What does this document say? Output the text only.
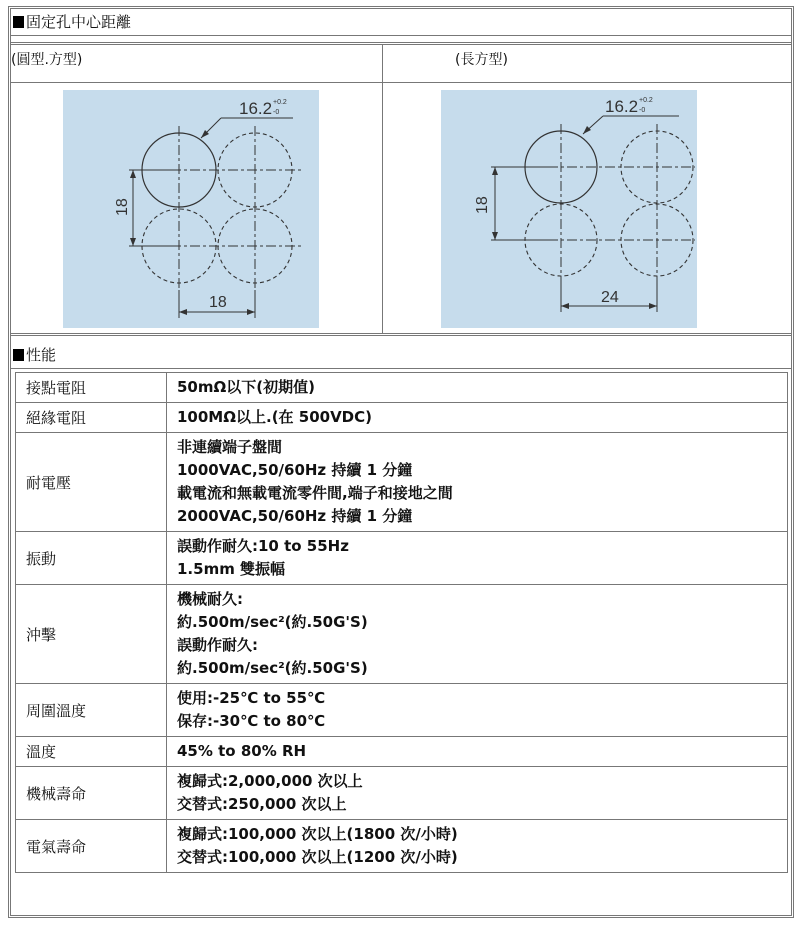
固定孔中心距離
(圓型.方型)	(長方型)
16.2 +0.2
-0
18
18
16.2 +0.2
-0
18
24
性能
接點電阻	50mΩ以下(初期值)

絕緣電阻	100MΩ以上.(在 500VDC)

耐電壓	非連續端子盤間
1000VAC,50/60Hz 持續 1 分鐘
載電流和無載電流零件間,端子和接地之間
2000VAC,50/60Hz 持續 1 分鐘

振動	誤動作耐久:10 to 55Hz
1.5mm 雙振幅

沖擊	機械耐久:
約.500m/sec²(約.50G'S)
誤動作耐久:
約.500m/sec²(約.50G'S)

周圍溫度	使用:-25℃ to 55℃
保存:-30℃ to 80℃

溫度	45% to 80% RH

機械壽命	複歸式:2,000,000 次以上
交替式:250,000 次以上

電氣壽命	複歸式:100,000 次以上(1800 次/小時)
交替式:100,000 次以上(1200 次/小時)
